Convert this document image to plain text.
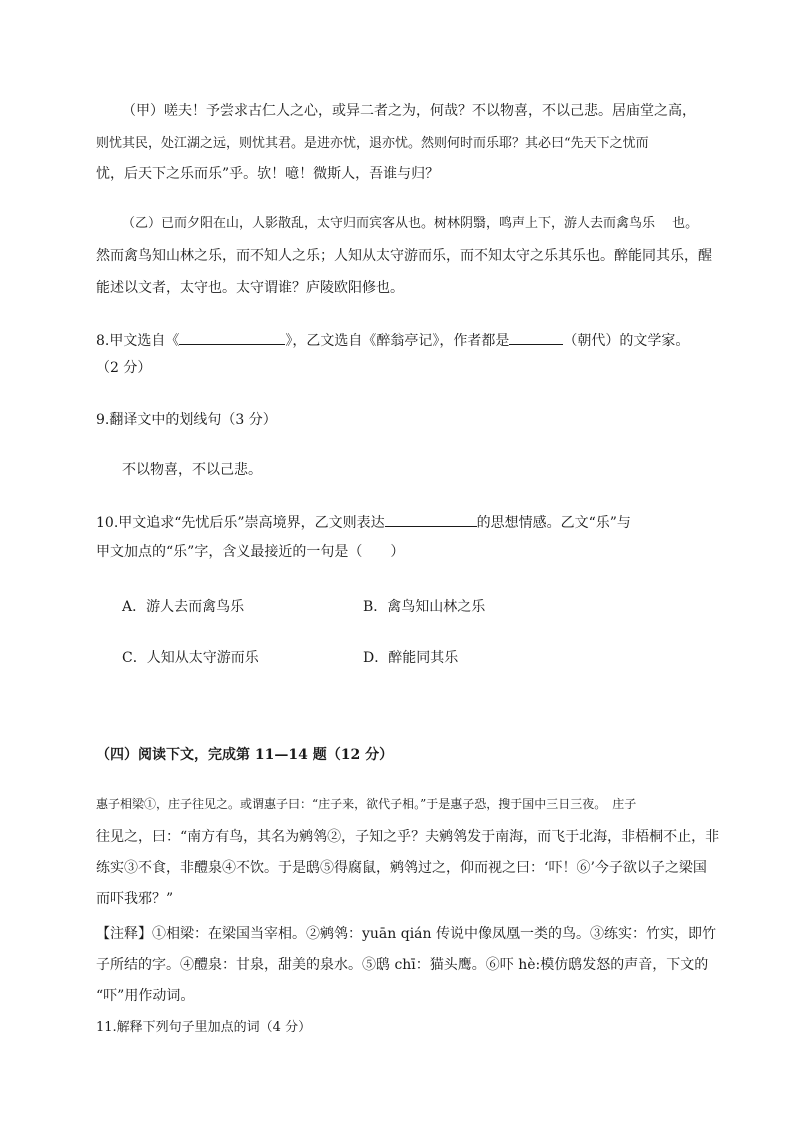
（甲）嗟夫！予尝求古仁人之心，或异二者之为，何哉？不以物喜，不以己悲。居庙堂之高，
则忧其民，处江湖之远，则忧其君。是进亦忧，退亦忧。然则何时而乐耶？其必曰“先天下之忧而
忧，后天下之乐而乐”乎。欤！噫！微斯人，吾谁与归？
（乙）已而夕阳在山，人影散乱，太守归而宾客从也。树林阴翳，鸣声上下，游人去而禽鸟乐　 也。
然而禽鸟知山林之乐，而不知人之乐；人知从太守游而乐，而不知太守之乐其乐也。醉能同其乐，醒
能述以文者，太守也。太守谓谁？庐陵欧阳修也。
8.甲文选自《	》，乙文选自《醉翁亭记》，作者都是	（朝代）的文学家。
（2 分）
9.翻译文中的划线句（3 分）
不以物喜，不以己悲。
10.甲文追求“先忧后乐”崇高境界，乙文则表达	的思想情感。乙文“乐”与
甲文加点的“乐”字，含义最接近的一句是（　　）
A．游人去而禽鸟乐	B．禽鸟知山林之乐
C．人知从太守游而乐	D．醉能同其乐
（四）阅读下文，完成第 11—14 题（12 分）
惠子相梁①，庄子往见之。或谓惠子曰：“庄子来，欲代子相。”于是惠子恐，搜于国中三日三夜。　庄子
往见之，曰：“南方有鸟，其名为鹓鸰②，子知之乎？夫鹓鸰发于南海，而飞于北海，非梧桐不止，非
练实③不食，非醴泉④不饮。于是鸱⑤得腐鼠，鹓鸰过之，仰而视之曰：‘吓！⑥’今子欲以子之梁国
而吓我邪？”
【注释】①相梁：在梁国当宰相。②鹓鸰：yuān qián 传说中像凤凰一类的鸟。③练实：竹实，即竹
子所结的字。④醴泉：甘泉，甜美的泉水。⑤鸱 chī：猫头鹰。⑥吓 hè:模仿鸱发怒的声音，下文的
“吓”用作动词。
11.解释下列句子里加点的词（4 分）
